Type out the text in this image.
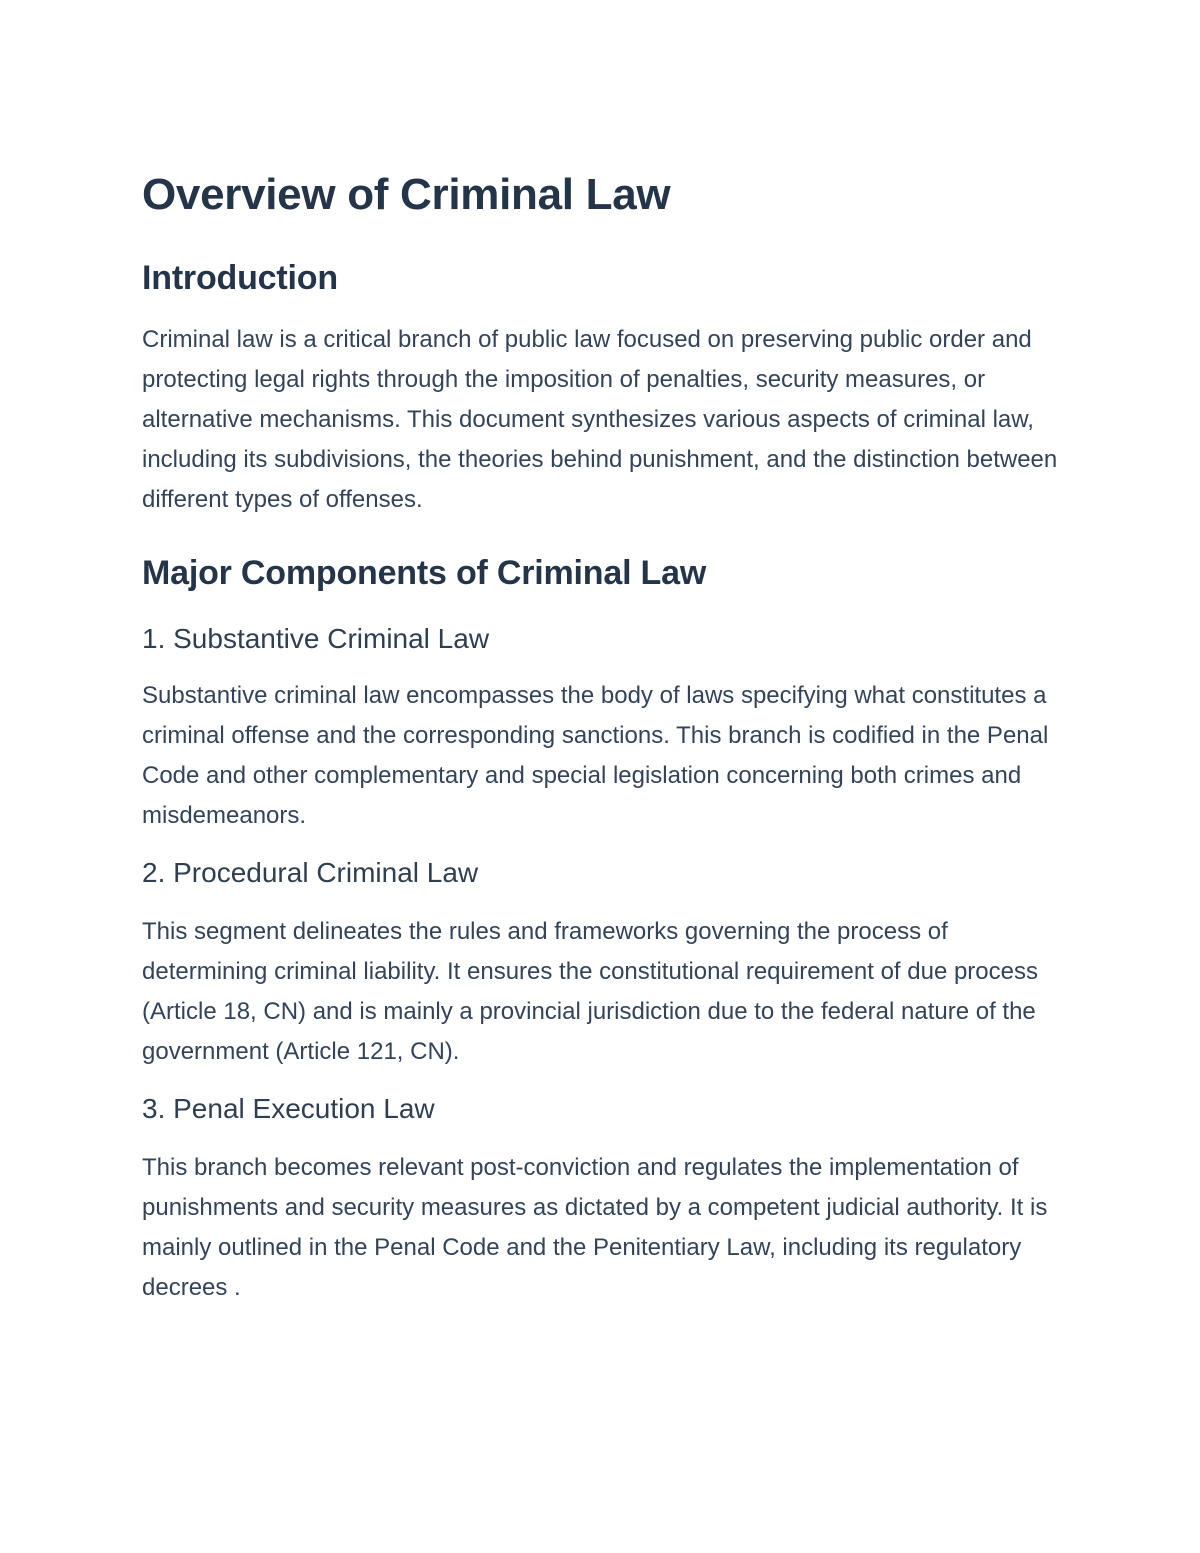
Overview of Criminal Law
Introduction

Criminal law is a critical branch of public law focused on preserving public order and protecting legal rights through the imposition of penalties, security measures, or alternative mechanisms. This document synthesizes various aspects of criminal law, including its subdivisions, the theories behind punishment, and the distinction between different types of offenses.

Major Components of Criminal Law
1. Substantive Criminal Law

Substantive criminal law encompasses the body of laws specifying what constitutes a criminal offense and the corresponding sanctions. This branch is codified in the Penal Code and other complementary and special legislation concerning both crimes and misdemeanors.

2. Procedural Criminal Law

This segment delineates the rules and frameworks governing the process of determining criminal liability. It ensures the constitutional requirement of due process (Article 18, CN) and is mainly a provincial jurisdiction due to the federal nature of the government (Article 121, CN).

3. Penal Execution Law

This branch becomes relevant post-conviction and regulates the implementation of punishments and security measures as dictated by a competent judicial authority. It is mainly outlined in the Penal Code and the Penitentiary Law, including its regulatory decrees .
